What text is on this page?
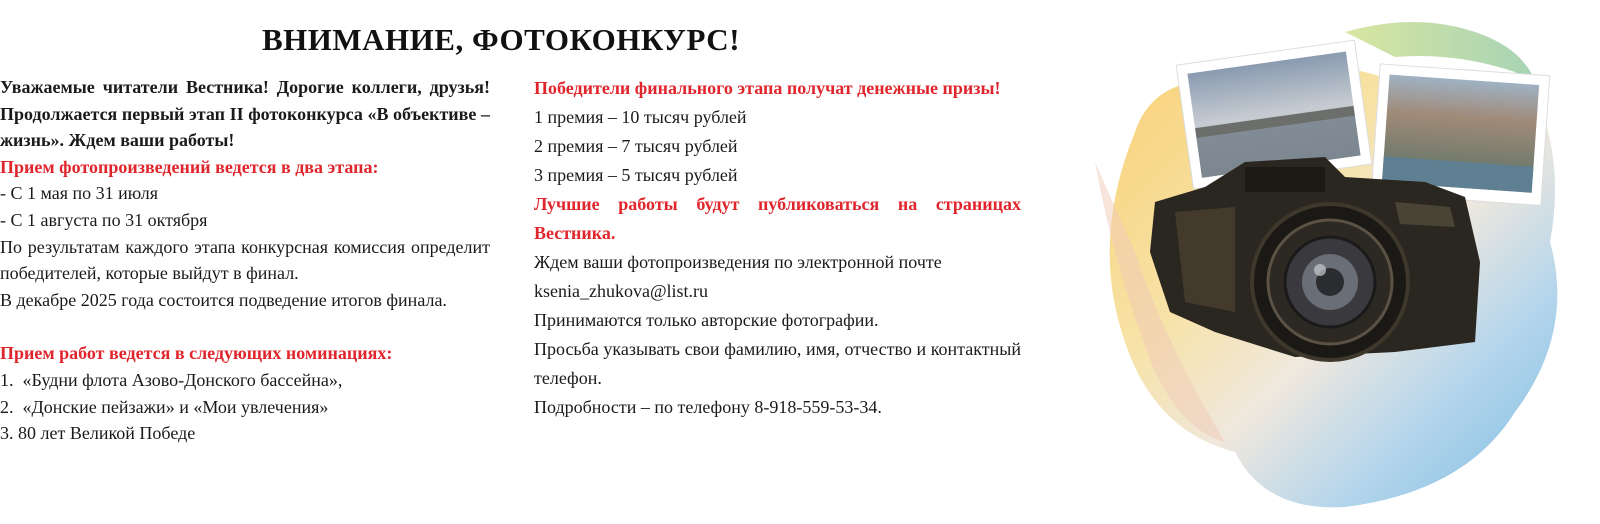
ВНИМАНИЕ, ФОТОКОНКУРС!

Уважаемые читатели Вестника! Дорогие коллеги, друзья! Продолжается первый этап II фотоконкурса «В объективе – жизнь». Ждем ваши работы!

Прием фотопроизведений ведется в два этапа:

- С 1 мая по 31 июля

- С 1 августа по 31 октября

По результатам каждого этапа конкурсная комиссия определит победителей, которые выйдут в финал.

В декабре 2025 года состоится подведение итогов финала.

Прием работ ведется в следующих номинациях:

1.  «Будни флота Азово-Донского бассейна»,

2.  «Донские пейзажи» и «Мои увлечения»

3. 80 лет Великой Победе

Победители финального этапа получат денежные призы!

1 премия – 10 тысяч рублей

2 премия – 7 тысяч рублей

3 премия – 5 тысяч рублей

Лучшие работы будут публиковаться на страницах Вестника.

Ждем ваши фотопроизведения по электронной почте

ksenia_zhukova@list.ru

Принимаются только авторские фотографии.

Просьба указывать свои фамилию, имя, отчество и контактный телефон.

Подробности – по телефону 8-918-559-53-34.
